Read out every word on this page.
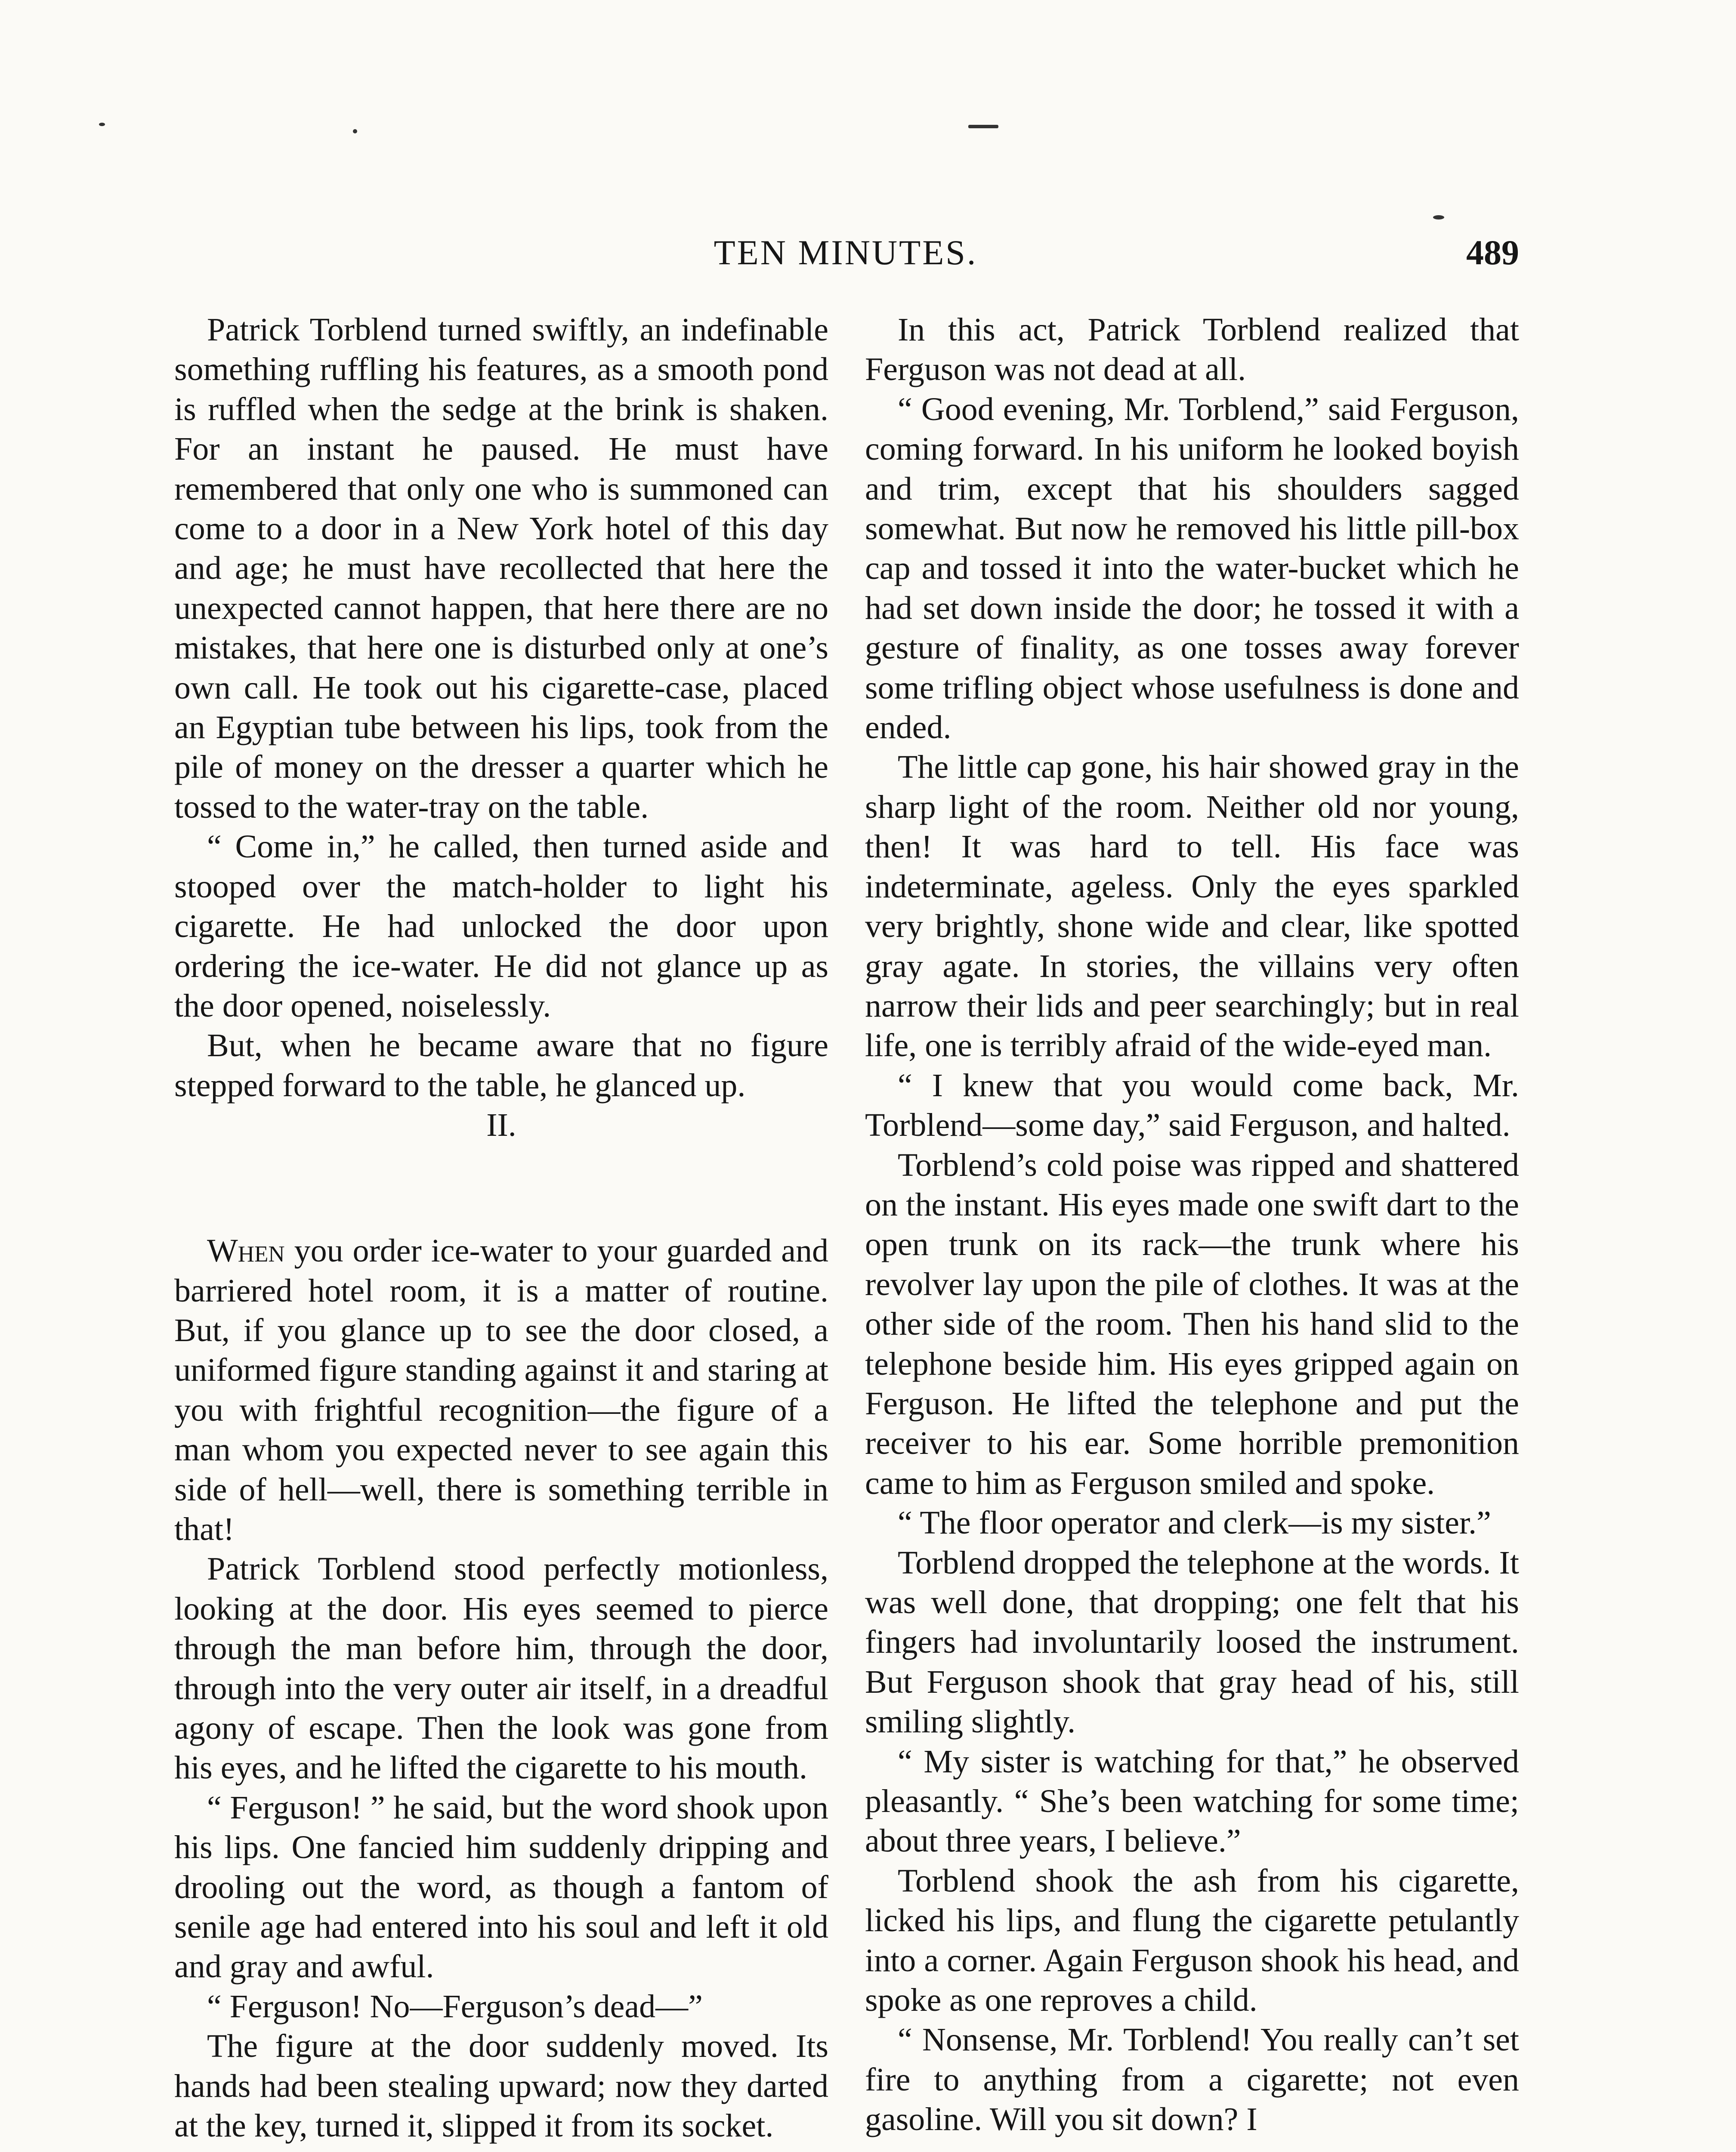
TEN MINUTES.	489

Patrick Torblend turned swiftly, an indefinable something ruffling his features, as a smooth pond is ruffled when the sedge at the brink is shaken. For an instant he paused. He must have remembered that only one who is summoned can come to a door in a New York hotel of this day and age; he must have recollected that here the unexpected cannot happen, that here there are no mistakes, that here one is disturbed only at one’s own call. He took out his cigarette-case, placed an Egyptian tube between his lips, took from the pile of money on the dresser a quarter which he tossed to the water-tray on the table.

“ Come in,” he called, then turned aside and stooped over the match-holder to light his cigarette. He had unlocked the door upon ordering the ice-water. He did not glance up as the door opened, noiselessly.

But, when he became aware that no figure stepped forward to the table, he glanced up.

II.

When you order ice-water to your guarded and barriered hotel room, it is a matter of routine. But, if you glance up to see the door closed, a uniformed figure standing against it and staring at you with frightful recognition—the figure of a man whom you expected never to see again this side of hell—well, there is something terrible in that!

Patrick Torblend stood perfectly motionless, looking at the door. His eyes seemed to pierce through the man before him, through the door, through into the very outer air itself, in a dreadful agony of escape. Then the look was gone from his eyes, and he lifted the cigarette to his mouth.

“ Ferguson! ” he said, but the word shook upon his lips. One fancied him suddenly dripping and drooling out the word, as though a fantom of senile age had entered into his soul and left it old and gray and awful.

“ Ferguson! No—Ferguson’s dead—”

The figure at the door suddenly moved. Its hands had been stealing upward; now they darted at the key, turned it, slipped it from its socket.

In this act, Patrick Torblend realized that Ferguson was not dead at all.

“ Good evening, Mr. Torblend,” said Ferguson, coming forward. In his uniform he looked boyish and trim, except that his shoulders sagged somewhat. But now he removed his little pill-box cap and tossed it into the water-bucket which he had set down inside the door; he tossed it with a gesture of finality, as one tosses away forever some trifling object whose usefulness is done and ended.

The little cap gone, his hair showed gray in the sharp light of the room. Neither old nor young, then! It was hard to tell. His face was indeterminate, ageless. Only the eyes sparkled very brightly, shone wide and clear, like spotted gray agate. In stories, the villains very often narrow their lids and peer searchingly; but in real life, one is terribly afraid of the wide-eyed man.

“ I knew that you would come back, Mr. Torblend—some day,” said Ferguson, and halted.

Torblend’s cold poise was ripped and shattered on the instant. His eyes made one swift dart to the open trunk on its rack—the trunk where his revolver lay upon the pile of clothes. It was at the other side of the room. Then his hand slid to the telephone beside him. His eyes gripped again on Ferguson. He lifted the telephone and put the receiver to his ear. Some horrible premonition came to him as Ferguson smiled and spoke.

“ The floor operator and clerk—is my sister.”

Torblend dropped the telephone at the words. It was well done, that dropping; one felt that his fingers had involuntarily loosed the instrument. But Ferguson shook that gray head of his, still smiling slightly.

“ My sister is watching for that,” he observed pleasantly. “ She’s been watching for some time; about three years, I believe.”

Torblend shook the ash from his cigarette, licked his lips, and flung the cigarette petulantly into a corner. Again Ferguson shook his head, and spoke as one reproves a child.

“ Nonsense, Mr. Torblend! You really can’t set fire to anything from a cigarette; not even gasoline. Will you sit down? I
